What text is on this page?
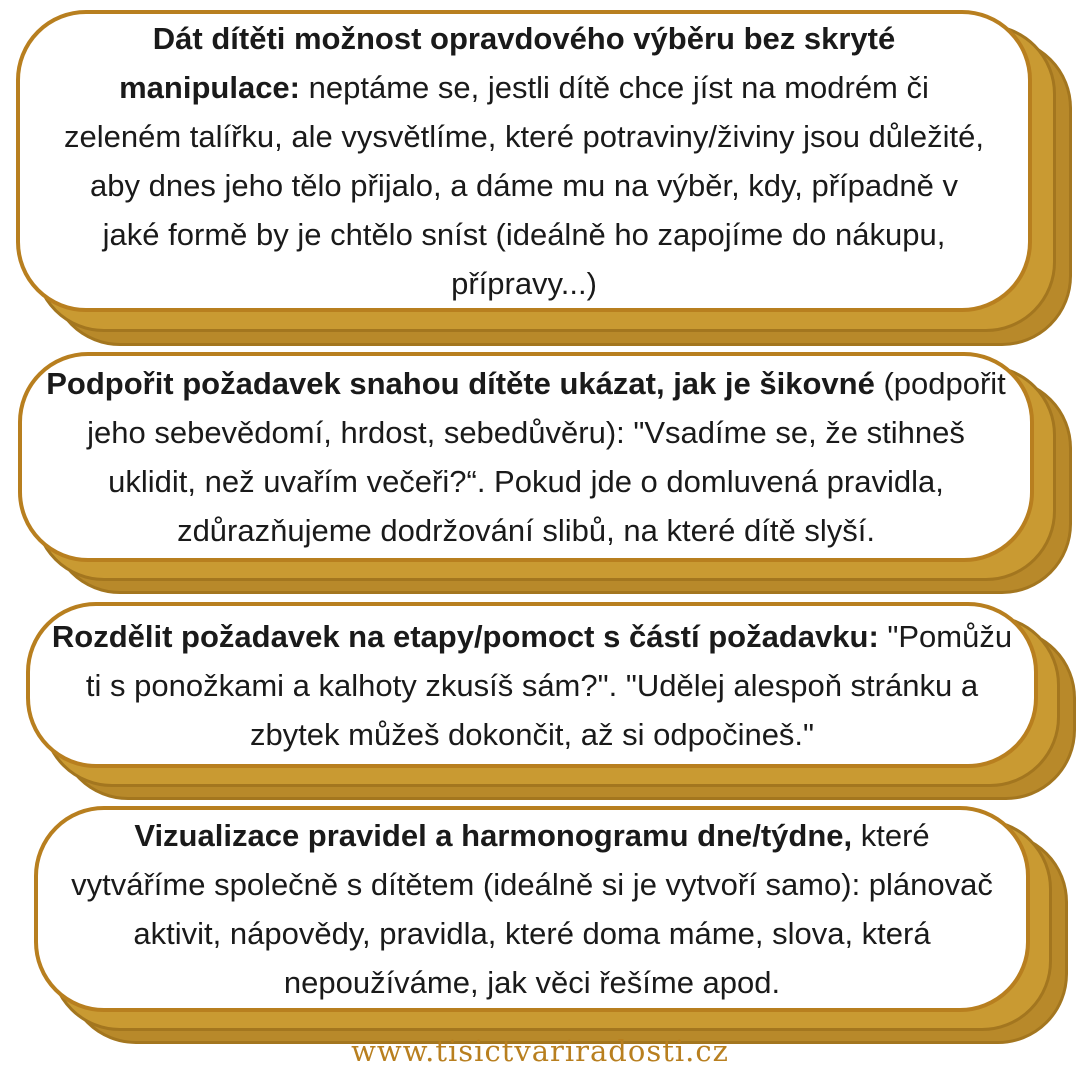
Dát dítěti možnost opravdového výběru bez skryté manipulace: neptáme se, jestli dítě chce jíst na modrém či zeleném talířku, ale vysvětlíme, které potraviny/živiny jsou důležité, aby dnes jeho tělo přijalo, a dáme mu na výběr, kdy, případně v jaké formě by je chtělo sníst (ideálně ho zapojíme do nákupu, přípravy...)

Podpořit požadavek snahou dítěte ukázat, jak je šikovné (podpořit jeho sebevědomí, hrdost, sebedůvěru): "Vsadíme se, že stihneš uklidit, než uvařím večeři?“. Pokud jde o domluvená pravidla, zdůrazňujeme dodržování slibů, na které dítě slyší.

Rozdělit požadavek na etapy/pomoct s částí požadavku: "Pomůžu ti s ponožkami a kalhoty zkusíš sám?". "Udělej alespoň stránku a zbytek můžeš dokončit, až si odpočineš."

Vizualizace pravidel a harmonogramu dne/týdne, které vytváříme společně s dítětem (ideálně si je vytvoří samo): plánovač aktivit, nápovědy, pravidla, které doma máme, slova, která nepoužíváme, jak věci řešíme apod.

www.tisictvariradosti.cz
